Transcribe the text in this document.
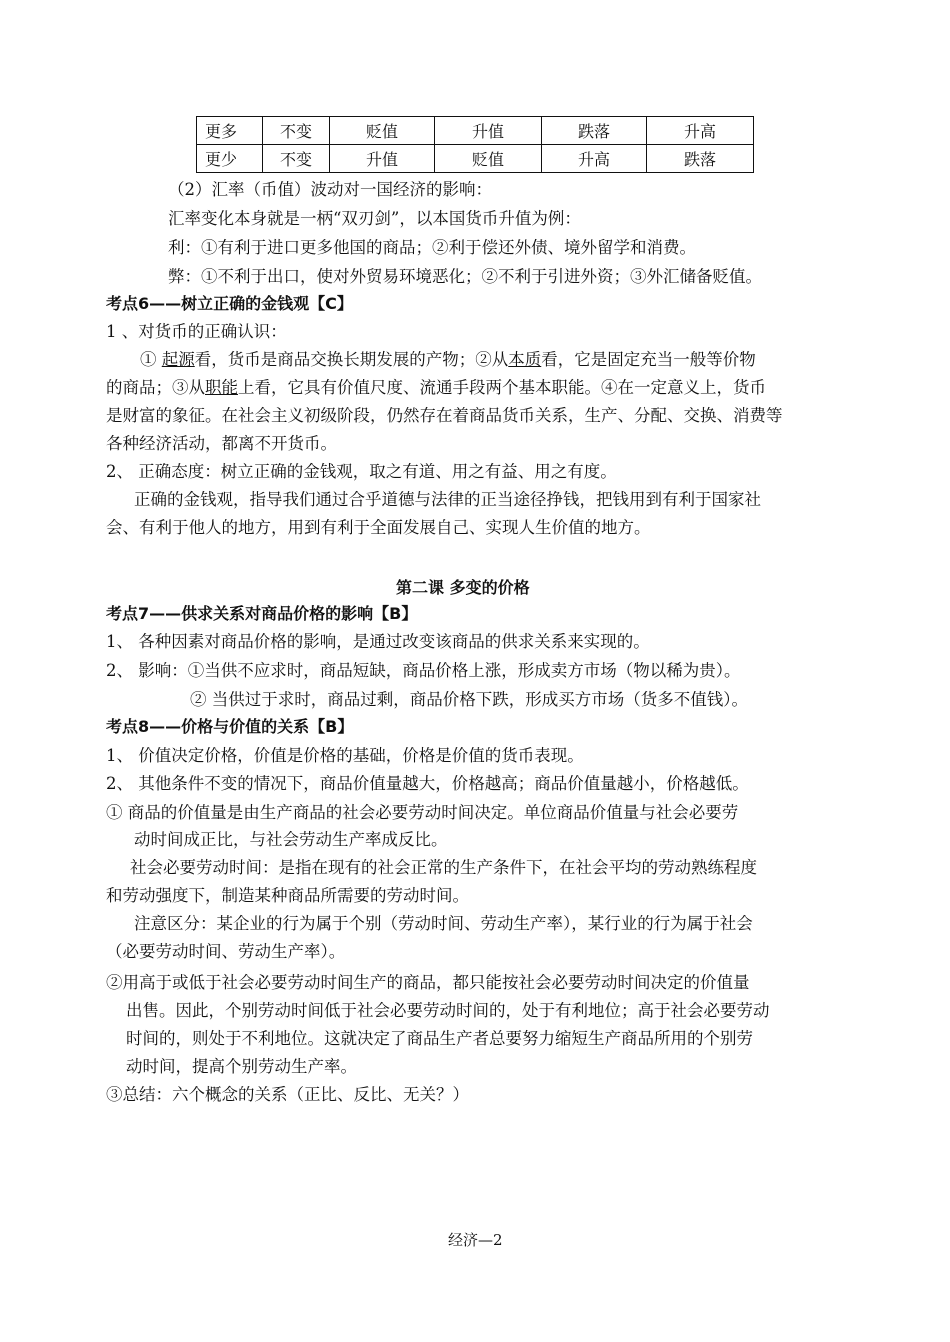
更多	不变	贬值	升值	跌落	升高
更少	不变	升值	贬值	升高	跌落
（2）汇率（币值）波动对一国经济的影响：
汇率变化本身就是一柄“双刃剑”，以本国货币升值为例：
利：①有利于进口更多他国的商品；②利于偿还外债、境外留学和消费。
弊：①不利于出口，使对外贸易环境恶化；②不利于引进外资；③外汇储备贬值。
考点6——树立正确的金钱观【C】
1 、对货币的正确认识：
① 起源看，货币是商品交换长期发展的产物；②从本质看，它是固定充当一般等价物
的商品；③从职能上看，它具有价值尺度、流通手段两个基本职能。④在一定意义上，货币
是财富的象征。在社会主义初级阶段，仍然存在着商品货币关系，生产、分配、交换、消费等
各种经济活动，都离不开货币。
2、 正确态度：树立正确的金钱观，取之有道、用之有益、用之有度。
正确的金钱观，指导我们通过合乎道德与法律的正当途径挣钱，把钱用到有利于国家社
会、有利于他人的地方，用到有利于全面发展自己、实现人生价值的地方。
第二课 多变的价格
考点7——供求关系对商品价格的影响【B】
1、 各种因素对商品价格的影响，是通过改变该商品的供求关系来实现的。
2、 影响：①当供不应求时，商品短缺，商品价格上涨，形成卖方市场（物以稀为贵）。
② 当供过于求时，商品过剩，商品价格下跌，形成买方市场（货多不值钱）。
考点8——价格与价值的关系【B】
1、 价值决定价格，价值是价格的基础，价格是价值的货币表现。
2、 其他条件不变的情况下，商品价值量越大，价格越高；商品价值量越小，价格越低。
① 商品的价值量是由生产商品的社会必要劳动时间决定。单位商品价值量与社会必要劳
动时间成正比，与社会劳动生产率成反比。
社会必要劳动时间：是指在现有的社会正常的生产条件下，在社会平均的劳动熟练程度
和劳动强度下，制造某种商品所需要的劳动时间。
注意区分：某企业的行为属于个别（劳动时间、劳动生产率），某行业的行为属于社会
（必要劳动时间、劳动生产率）。
②用高于或低于社会必要劳动时间生产的商品，都只能按社会必要劳动时间决定的价值量
出售。因此，个别劳动时间低于社会必要劳动时间的，处于有利地位；高于社会必要劳动
时间的，则处于不利地位。这就决定了商品生产者总要努力缩短生产商品所用的个别劳
动时间，提高个别劳动生产率。
③总结：六个概念的关系（正比、反比、无关？）
经济—2
